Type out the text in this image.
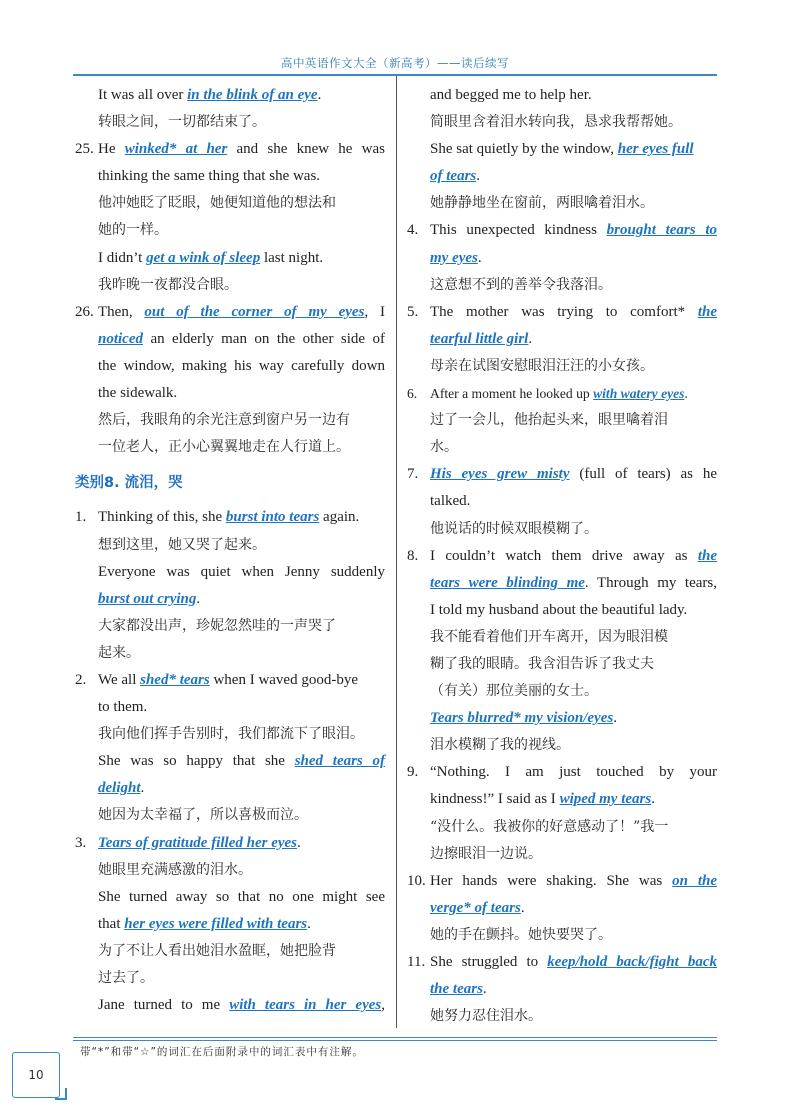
高中英语作文大全（新高考）——读后续写
It was all over in the blink of an eye.
转眼之间，一切都结束了。
25. He winked* at her and she knew he was
thinking the same thing that she was.
他冲她眨了眨眼，她便知道他的想法和
她的一样。
I didn’t get a wink of sleep last night.
我昨晚一夜都没合眼。
26. Then, out of the corner of my eyes, I
noticed an elderly man on the other side of
the window, making his way carefully down
the sidewalk.
然后，我眼角的余光注意到窗户另一边有
一位老人，正小心翼翼地走在人行道上。
类别8. 流泪，哭
1. Thinking of this, she burst into tears again.
想到这里，她又哭了起来。
Everyone was quiet when Jenny suddenly
burst out crying.
大家都没出声，珍妮忽然哇的一声哭了
起来。
2. We all shed* tears when I waved good-bye
to them.
我向他们挥手告别时，我们都流下了眼泪。
She was so happy that she shed tears of
delight.
她因为太幸福了，所以喜极而泣。
3. Tears of gratitude filled her eyes.
她眼里充满感激的泪水。
She turned away so that no one might see
that her eyes were filled with tears.
为了不让人看出她泪水盈眶，她把脸背
过去了。
Jane turned to me with tears in her eyes,
and begged me to help her.
简眼里含着泪水转向我，恳求我帮帮她。
She sat quietly by the window, her eyes full
of tears.
她静静地坐在窗前，两眼噙着泪水。
4. This unexpected kindness brought tears to
my eyes.
这意想不到的善举令我落泪。
5. The mother was trying to comfort* the
tearful little girl.
母亲在试图安慰眼泪汪汪的小女孩。
6. After a moment he looked up with watery eyes.
过了一会儿，他抬起头来，眼里噙着泪
水。
7. His eyes grew misty (full of tears) as he
talked.
他说话的时候双眼模糊了。
8. I couldn’t watch them drive away as the
tears were blinding me. Through my tears,
I told my husband about the beautiful lady.
我不能看着他们开车离开，因为眼泪模
糊了我的眼睛。我含泪告诉了我丈夫
（有关）那位美丽的女士。
Tears blurred* my vision/eyes.
泪水模糊了我的视线。
9. “Nothing. I am just touched by your
kindness!” I said as I wiped my tears.
“没什么。我被你的好意感动了！”我一
边擦眼泪一边说。
10. Her hands were shaking. She was on the
verge* of tears.
她的手在颤抖。她快要哭了。
11. She struggled to keep/hold back/fight back
the tears.
她努力忍住泪水。
带“*”和带“☆”的词汇在后面附录中的词汇表中有注解。
10
